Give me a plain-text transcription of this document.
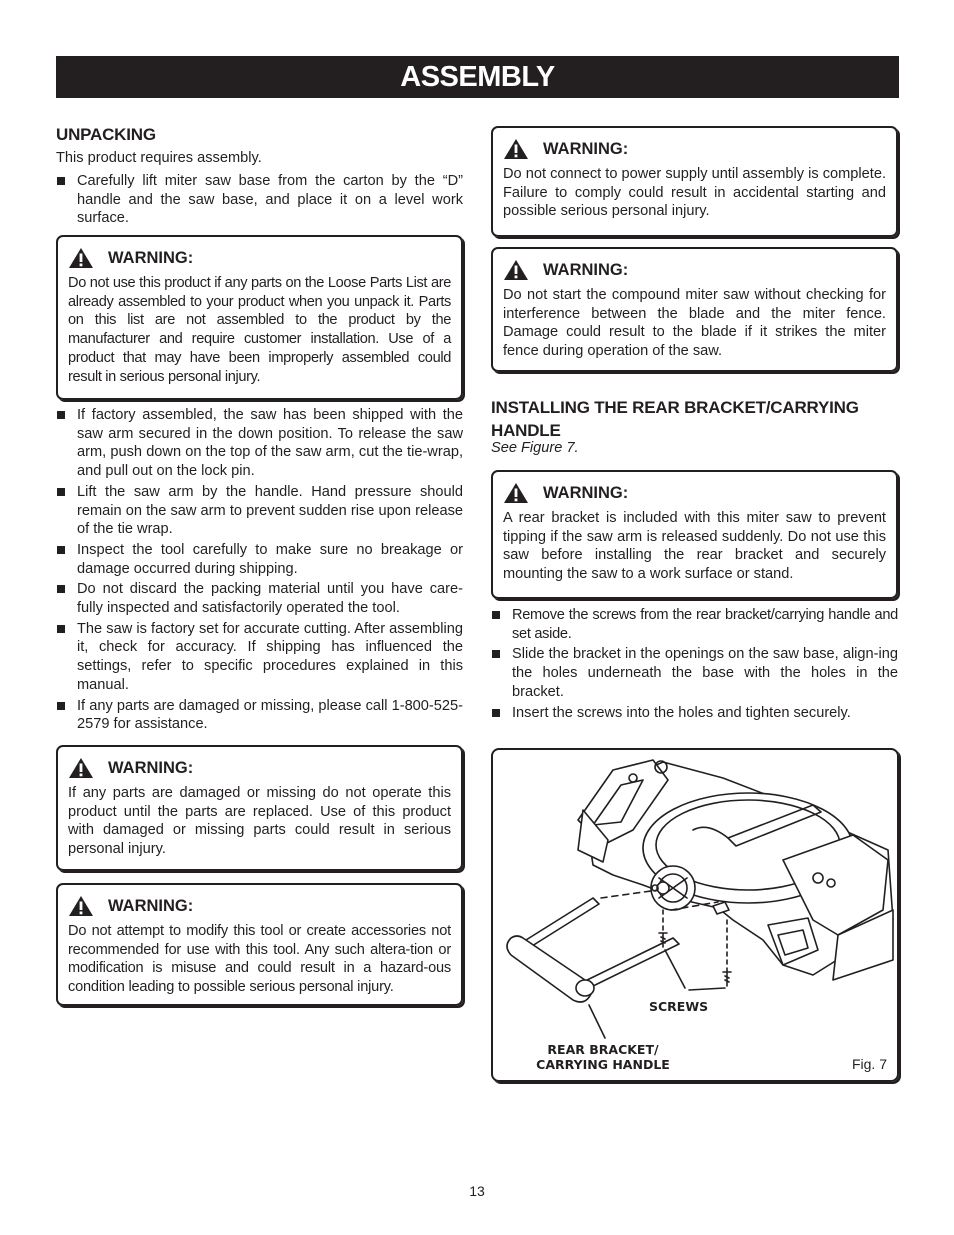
ASSEMBLY
UNPACKING

This product requires assembly.

Carefully lift miter saw base from the carton by the “D” handle and the saw base, and place it on a level work surface.
WARNING:

Do not use this product if any parts on the Loose Parts List are already assembled to your product when you unpack it. Parts on this list are not assembled to the product by the manufacturer and require customer installation. Use of a product that may have been improperly assembled could result in serious personal injury.

If factory assembled, the saw has been shipped with the saw arm secured in the down position. To release the saw arm, push down on the top of the saw arm, cut the tie-wrap, and pull out on the lock pin.
Lift the saw arm by the handle. Hand pressure should remain on the saw arm to prevent sudden rise upon release of the tie wrap.
Inspect the tool carefully to make sure no breakage or damage occurred during shipping.
Do not discard the packing material until you have care-fully inspected and satisfactorily operated the tool.
The saw is factory set for accurate cutting. After assembling it, check for accuracy. If shipping has influenced the settings, refer to specific procedures explained in this manual.
If any parts are damaged or missing, please call 1-800-525-2579 for assistance.
WARNING:

If any parts are damaged or missing do not operate this product until the parts are replaced. Use of this product with damaged or missing parts could result in serious personal injury.

WARNING:

Do not attempt to modify this tool or create accessories not recommended for use with this tool. Any such altera-tion or modification is misuse and could result in a hazard-ous condition leading to possible serious personal injury.

WARNING:

Do not connect to power supply until assembly is complete. Failure to comply could result in accidental starting and possible serious personal injury.

WARNING:

Do not start the compound miter saw without checking for interference between the blade and the miter fence. Damage could result to the blade if it strikes the miter fence during operation of the saw.

INSTALLING THE REAR BRACKET/CARRYING HANDLE

See Figure 7.

WARNING:

A rear bracket is included with this miter saw to prevent tipping if the saw arm is released suddenly. Do not use this saw before installing the rear bracket and securely mounting the saw to a work surface or stand.

Remove the screws from the rear bracket/carrying handle and set aside.
Slide the bracket in the openings on the saw base, align-ing the holes underneath the base with the holes in the bracket.
Insert the screws into the holes and tighten securely.
SCREWS
REAR BRACKET/
CARRYING HANDLE	Fig. 7
13
